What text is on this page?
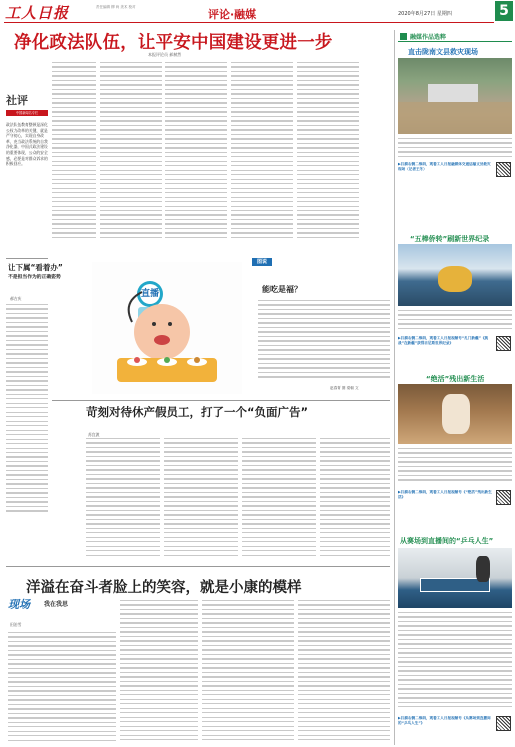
工人日报	责任编辑 柳 尚 美术 校对
评论·融媒	2020年8月27日 星期四	5
净化政法队伍，让平安中国建设更进一步
本报评论员 郝赫然
社评
中国新闻名专栏
政法队伍教育整顿是深化公权力改革的关键，就是严守初心，实现自身改革，充当政法系统的自我净化器，中国式政法建设的重要体现，公众的安全感，必要是对群众诉求的积极回应。
让下属“看着办”
不是担当作为的正确姿势
郝吉庆
图说
直播	能吃是福？
赵春青 图 梁朝 文
苛刻对待休产假员工，打了一个“负面广告”
苏宜波
洋溢在奋斗者脸上的笑容，就是小康的模样
现场 我在我思
田治雪
融媒作品选粹
直击陇南文县救灾现场
▶扫描右侧二维码，观看工人日报融媒体交通运输文县救灾现场（记者王冬）
“五棒侨转”刷新世界纪录
▶扫描右侧二维码，观看工人日报视频号“扎门新疆”《挑战”在新疆”获得吉尼斯世界纪录》
“绝活”残出新生活
▶扫描右侧二维码，观看工人日报视频号《“绝活”残出新生活》
从赛场到直播间的“乒乓人生”
▶扫描右侧二维码，观看工人日报视频号《从赛场到直播间的“乒乓人生”》
